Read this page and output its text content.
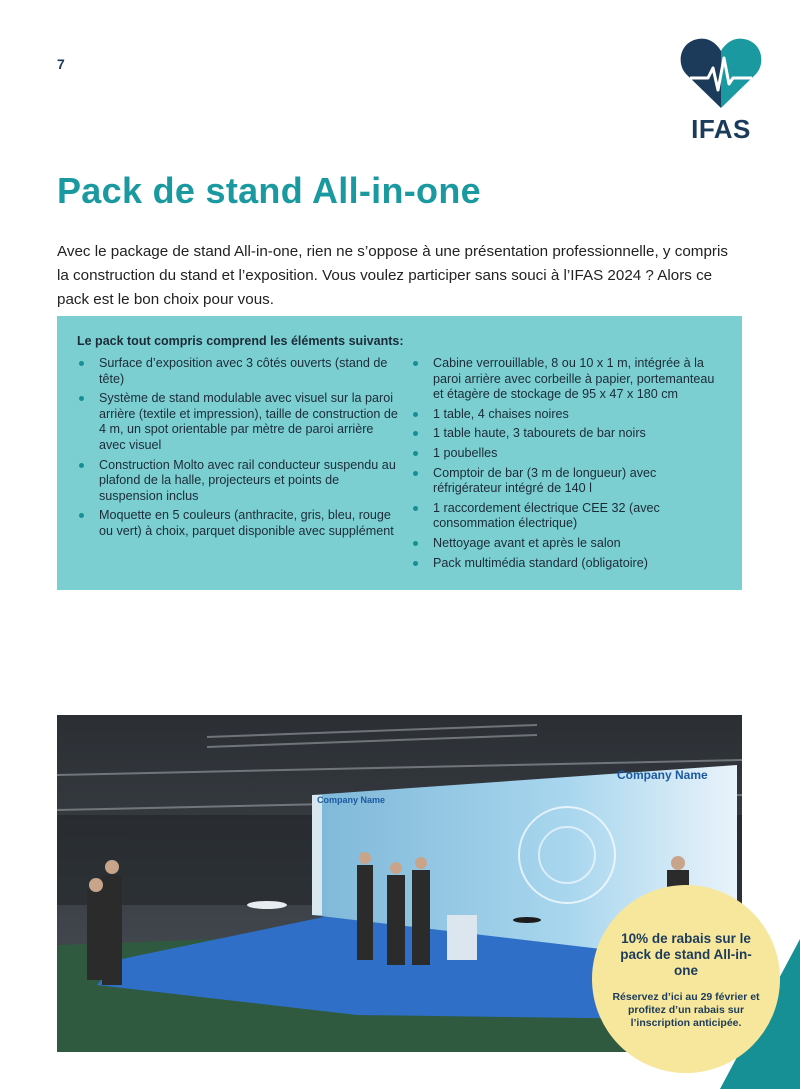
7
IFAS
Pack de stand All-in-one

Avec le package de stand All-in-one, rien ne s’oppose à une présentation professionnelle, y compris la construction du stand et l’exposition. Vous voulez participer sans souci à l’IFAS 2024 ? Alors ce pack est le bon choix pour vous.

Le pack tout compris comprend les éléments suivants:
Surface d’exposition avec 3 côtés ouverts (stand de tête)
Système de stand modulable avec visuel sur la paroi arrière (textile et impression), taille de construction de 4 m, un spot orientable par mètre de paroi arrière avec visuel
Construction Molto avec rail conducteur suspendu au plafond de la halle, projecteurs et points de suspension inclus
Moquette en 5 couleurs (anthracite, gris, bleu, rouge ou vert) à choix, parquet disponible avec supplément
Cabine verrouillable, 8 ou 10 x 1 m, intégrée à la paroi arrière avec corbeille à papier, portemanteau et étagère de stockage de 95 x 47 x 180 cm
1 table, 4 chaises noires
1 table haute, 3 tabourets de bar noirs
1 poubelles
Comptoir de bar (3 m de longueur) avec réfrigérateur intégré de 140 l
1 raccordement électrique CEE 32 (avec consommation électrique)
Nettoyage avant et après le salon
Pack multimédia standard (obligatoire)
Company Name
Company Name
10% de rabais sur le pack de stand All-in-one
Réservez d’ici au 29 février et profitez d’un rabais sur l’inscription anticipée.
